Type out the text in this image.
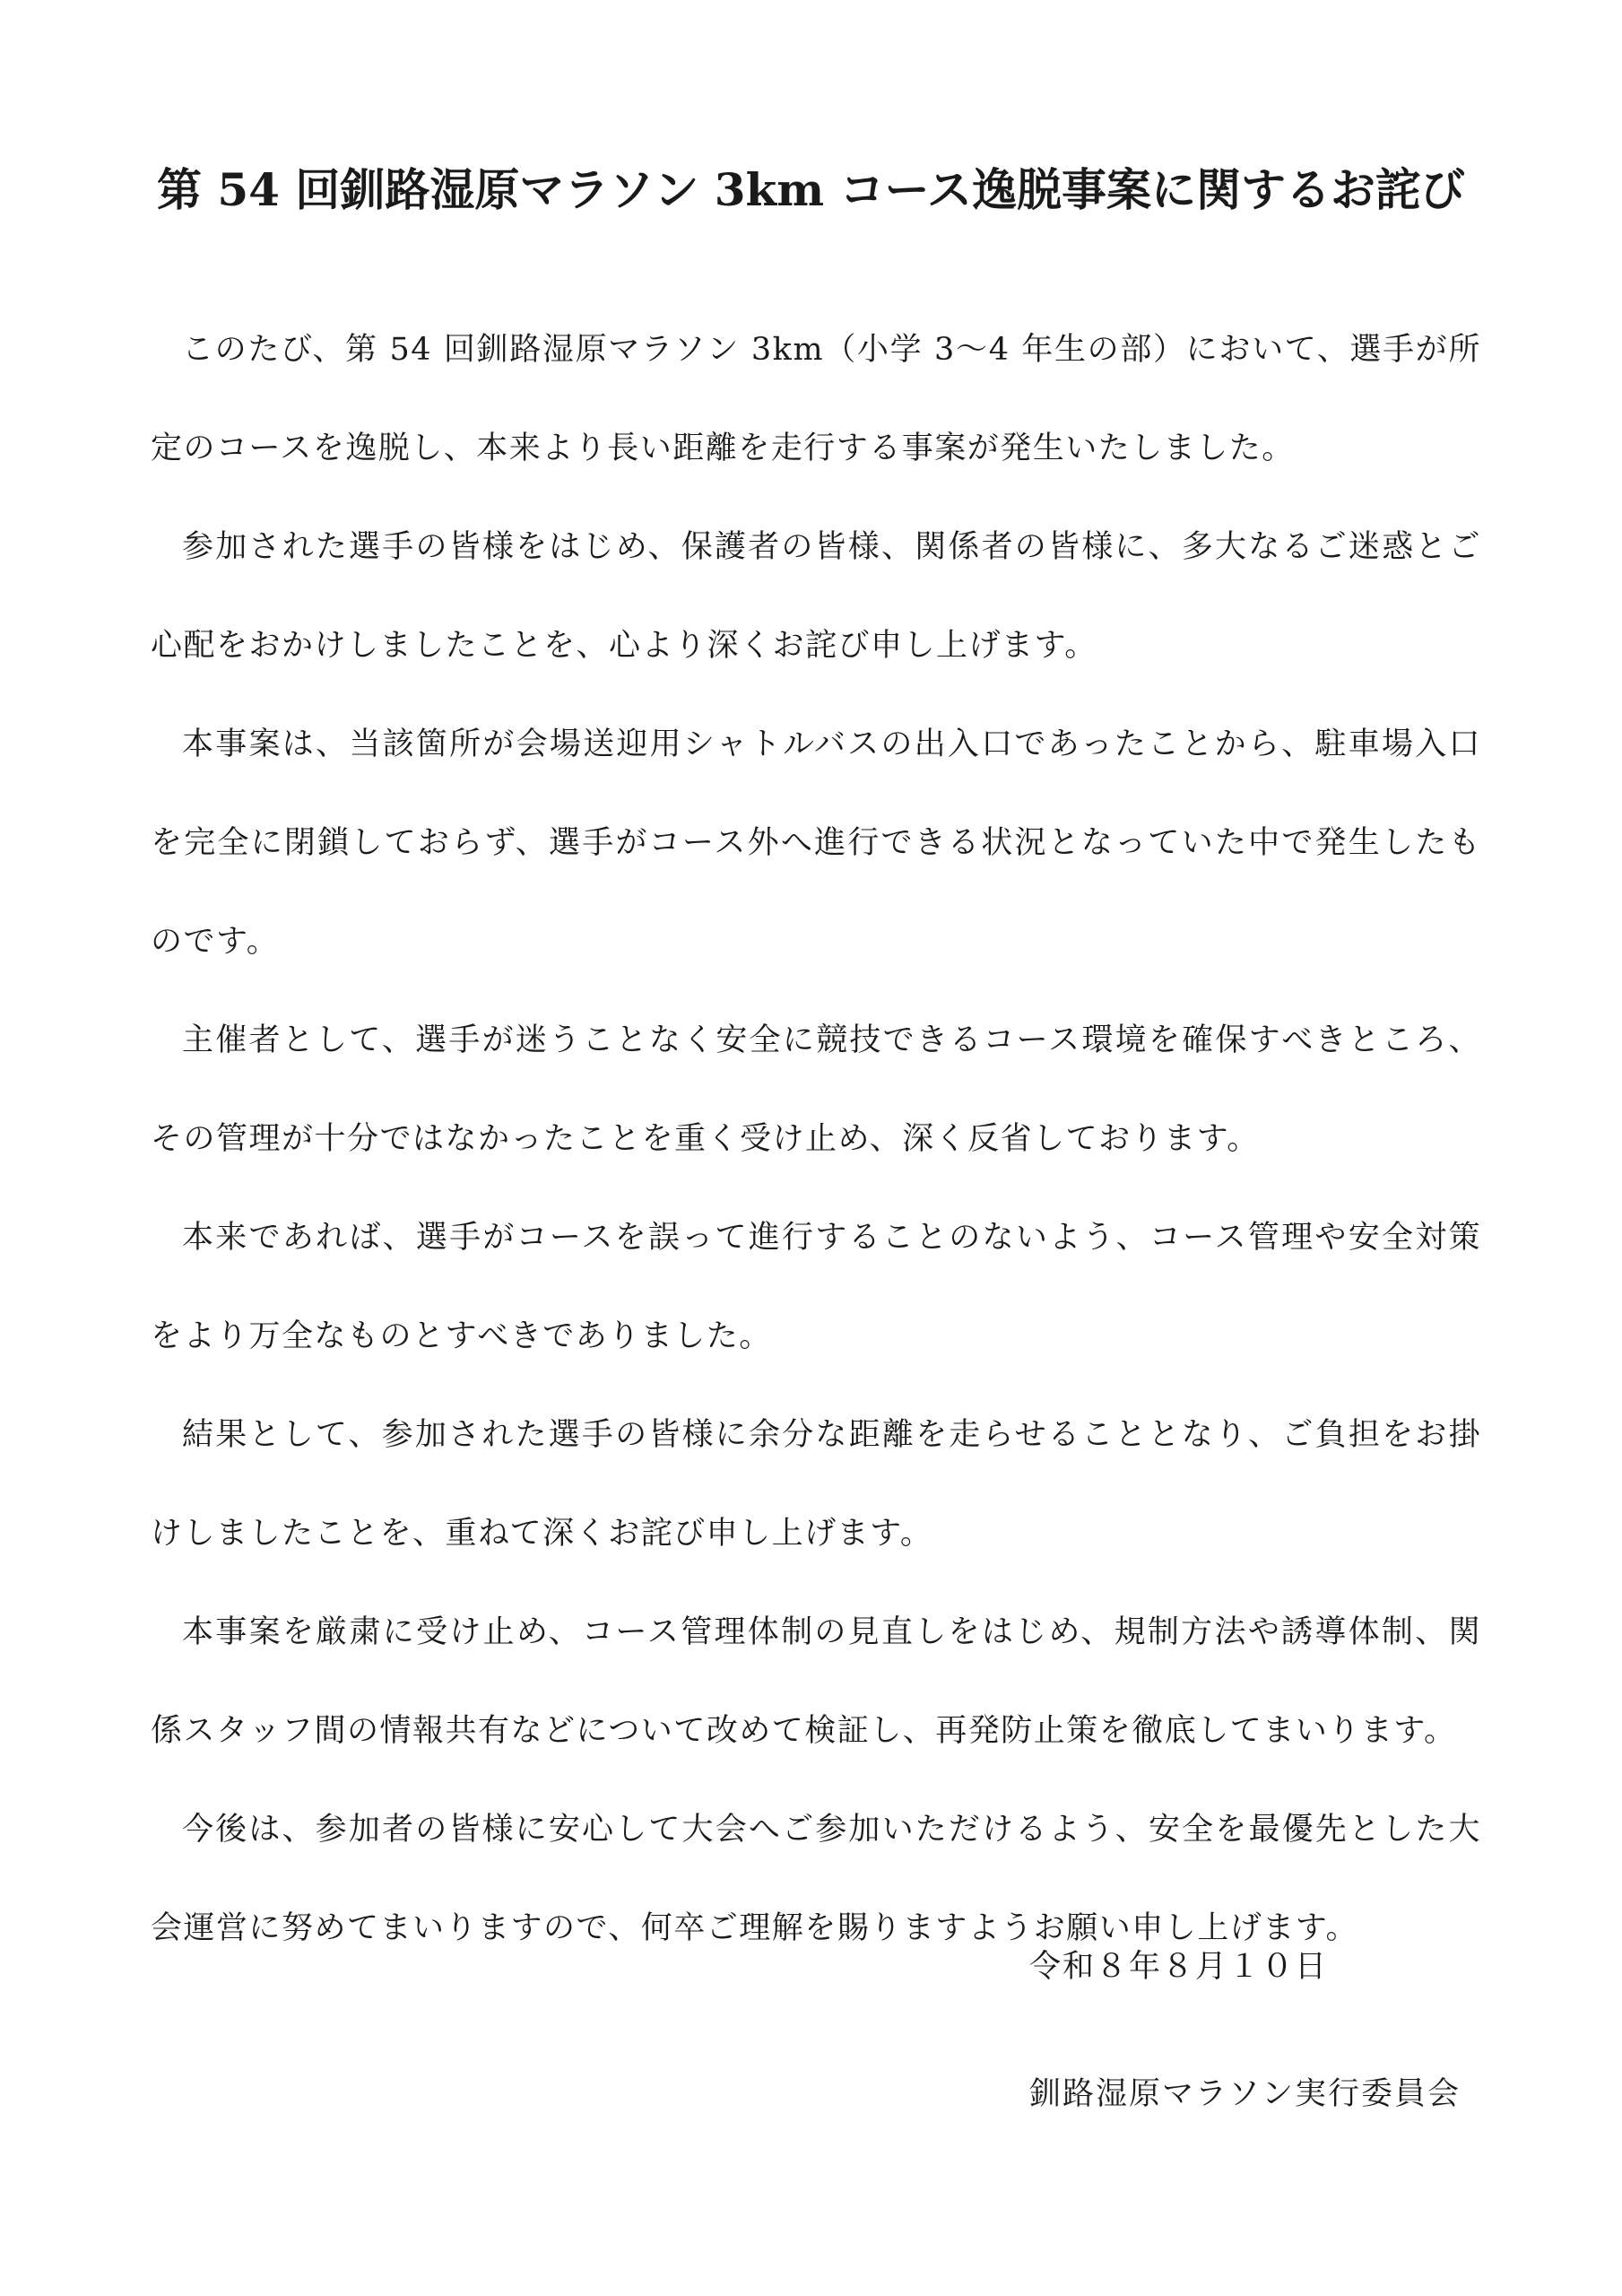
第 54 回釧路湿原マラソン 3km コース逸脱事案に関するお詫び

このたび、第 54 回釧路湿原マラソン 3km（小学 3〜4 年生の部）において、選手が所定のコースを逸脱し、本来より長い距離を走行する事案が発生いたしました。

参加された選手の皆様をはじめ、保護者の皆様、関係者の皆様に、多大なるご迷惑とご心配をおかけしましたことを、心より深くお詫び申し上げます。

本事案は、当該箇所が会場送迎用シャトルバスの出入口であったことから、駐車場入口を完全に閉鎖しておらず、選手がコース外へ進行できる状況となっていた中で発生したものです。

主催者として、選手が迷うことなく安全に競技できるコース環境を確保すべきところ、その管理が十分ではなかったことを重く受け止め、深く反省しております。

本来であれば、選手がコースを誤って進行することのないよう、コース管理や安全対策をより万全なものとすべきでありました。

結果として、参加された選手の皆様に余分な距離を走らせることとなり、ご負担をお掛けしましたことを、重ねて深くお詫び申し上げます。

本事案を厳粛に受け止め、コース管理体制の見直しをはじめ、規制方法や誘導体制、関係スタッフ間の情報共有などについて改めて検証し、再発防止策を徹底してまいります。

今後は、参加者の皆様に安心して大会へご参加いただけるよう、安全を最優先とした大会運営に努めてまいりますので、何卒ご理解を賜りますようお願い申し上げます。

令和８年８月１０日
釧路湿原マラソン実行委員会
